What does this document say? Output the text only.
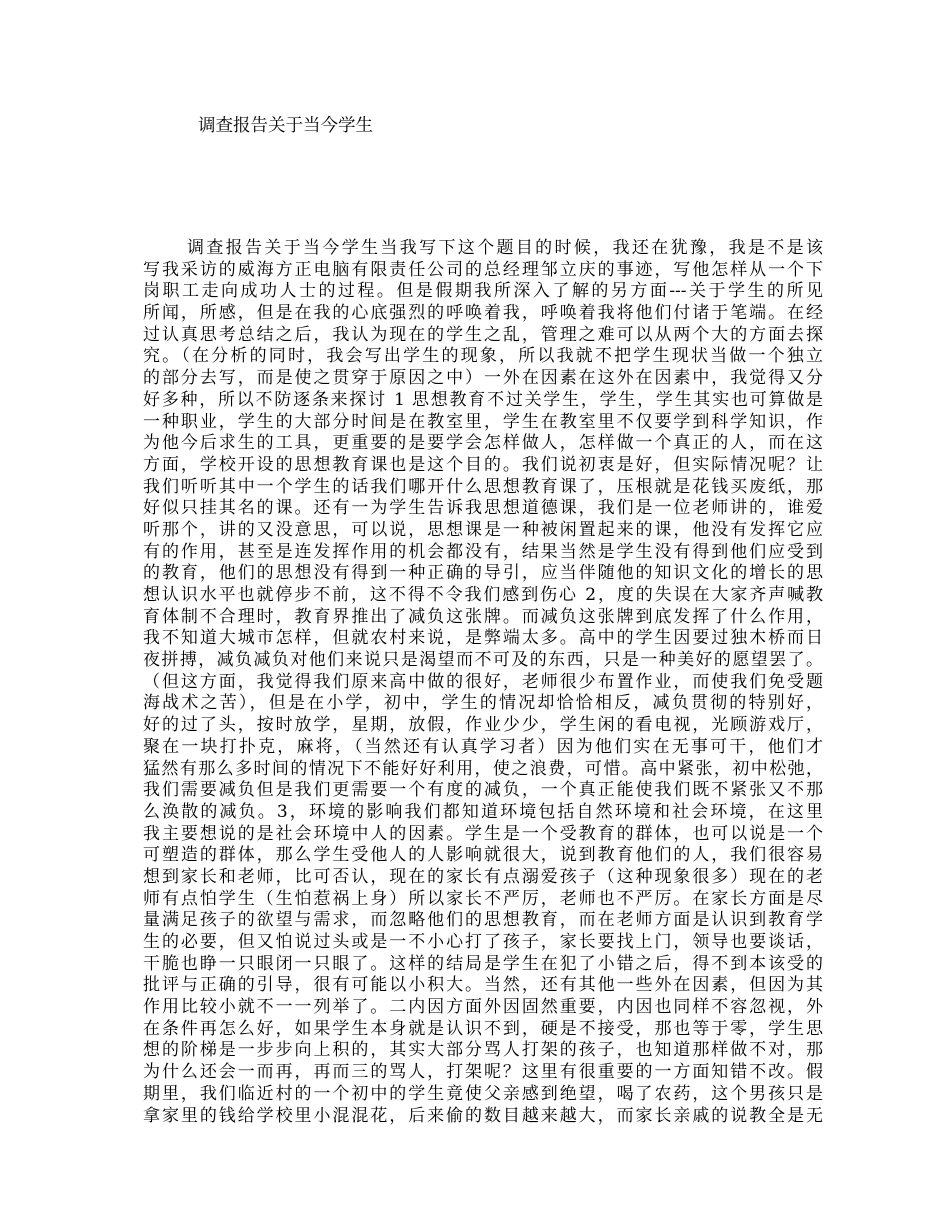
调查报告关于当今学生
调查报告关于当今学生当我写下这个题目的时候，我还在犹豫，我是不是该
写我采访的威海方正电脑有限责任公司的总经理邹立庆的事迹，写他怎样从一个下
岗职工走向成功人士的过程。但是假期我所深入了解的另方面---关于学生的所见
所闻，所感，但是在我的心底强烈的呼唤着我，呼唤着我将他们付诸于笔端。在经
过认真思考总结之后，我认为现在的学生之乱，管理之难可以从两个大的方面去探
究。（在分析的同时，我会写出学生的现象，所以我就不把学生现状当做一个独立
的部分去写，而是使之贯穿于原因之中）一外在因素在这外在因素中，我觉得又分
好多种，所以不防逐条来探讨 1 思想教育不过关学生，学生，学生其实也可算做是
一种职业，学生的大部分时间是在教室里，学生在教室里不仅要学到科学知识，作
为他今后求生的工具，更重要的是要学会怎样做人，怎样做一个真正的人，而在这
方面，学校开设的思想教育课也是这个目的。我们说初衷是好，但实际情况呢？让
我们听听其中一个学生的话我们哪开什么思想教育课了，压根就是花钱买废纸，那
好似只挂其名的课。还有一为学生告诉我思想道德课，我们是一位老师讲的，谁爱
听那个，讲的又没意思，可以说，思想课是一种被闲置起来的课，他没有发挥它应
有的作用，甚至是连发挥作用的机会都没有，结果当然是学生没有得到他们应受到
的教育，他们的思想没有得到一种正确的导引，应当伴随他的知识文化的增长的思
想认识水平也就停步不前，这不得不令我们感到伤心 2，度的失误在大家齐声喊教
育体制不合理时，教育界推出了减负这张牌。而减负这张牌到底发挥了什么作用，
我不知道大城市怎样，但就农村来说，是弊端太多。高中的学生因要过独木桥而日
夜拼搏，减负减负对他们来说只是渴望而不可及的东西，只是一种美好的愿望罢了。
（但这方面，我觉得我们原来高中做的很好，老师很少布置作业，而使我们免受题
海战术之苦），但是在小学，初中，学生的情况却恰恰相反，减负贯彻的特别好，
好的过了头，按时放学，星期，放假，作业少少，学生闲的看电视，光顾游戏厅，
聚在一块打扑克，麻将，（当然还有认真学习者）因为他们实在无事可干，他们才
猛然有那么多时间的情况下不能好好利用，使之浪费，可惜。高中紧张，初中松弛，
我们需要减负但是我们更需要一个有度的减负，一个真正能使我们既不紧张又不那
么涣散的减负。3，环境的影响我们都知道环境包括自然环境和社会环境，在这里
我主要想说的是社会环境中人的因素。学生是一个受教育的群体，也可以说是一个
可塑造的群体，那么学生受他人的人影响就很大，说到教育他们的人，我们很容易
想到家长和老师，比可否认，现在的家长有点溺爱孩子（这种现象很多）现在的老
师有点怕学生（生怕惹祸上身）所以家长不严厉，老师也不严厉。在家长方面是尽
量满足孩子的欲望与需求，而忽略他们的思想教育，而在老师方面是认识到教育学
生的必要，但又怕说过头或是一不小心打了孩子，家长要找上门，领导也要谈话，
干脆也睁一只眼闭一只眼了。这样的结局是学生在犯了小错之后，得不到本该受的
批评与正确的引导，很有可能以小积大。当然，还有其他一些外在因素，但因为其
作用比较小就不一一列举了。二内因方面外因固然重要，内因也同样不容忽视，外
在条件再怎么好，如果学生本身就是认识不到，硬是不接受，那也等于零，学生思
想的阶梯是一步步向上积的，其实大部分骂人打架的孩子，也知道那样做不对，那
为什么还会一而再，再而三的骂人，打架呢？这里有很重要的一方面知错不改。假
期里，我们临近村的一个初中的学生竟使父亲感到绝望，喝了农药，这个男孩只是
拿家里的钱给学校里小混混花，后来偷的数目越来越大，而家长亲戚的说教全是无
